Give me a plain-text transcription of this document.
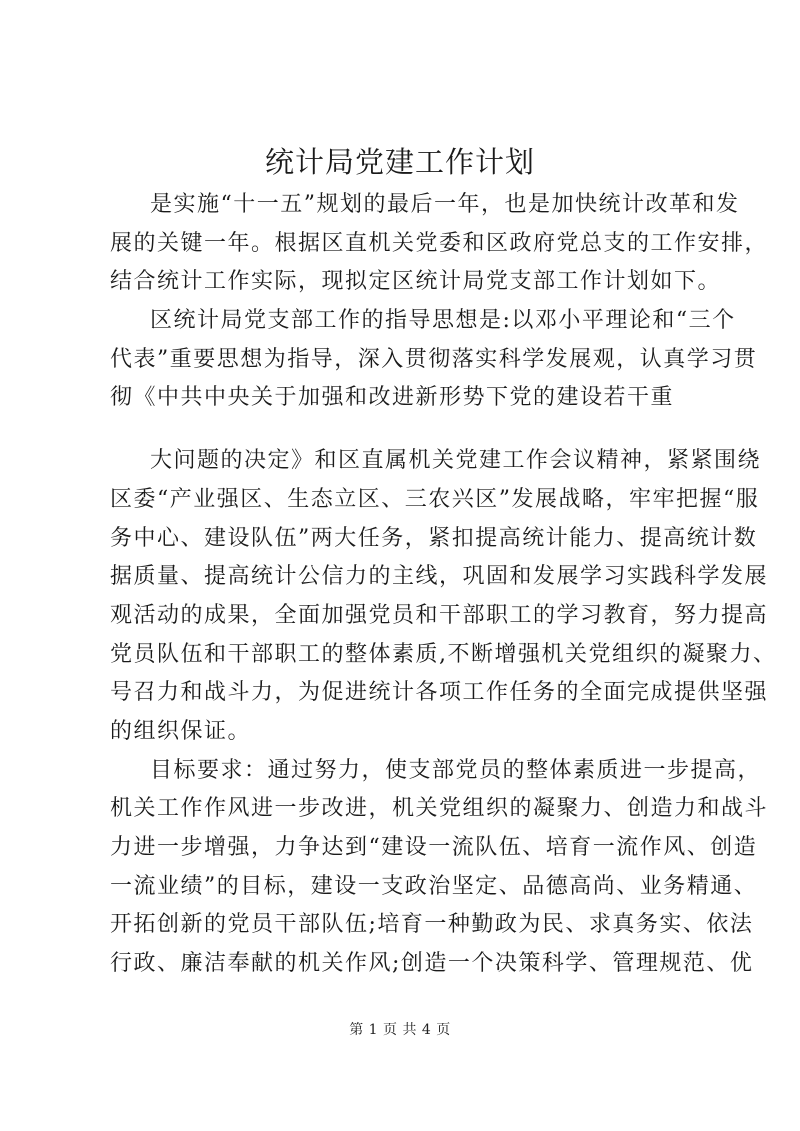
统计局党建工作计划
是实施“十一五”规划的最后一年，也是加快统计改革和发
展的关键一年。根据区直机关党委和区政府党总支的工作安排，
结合统计工作实际，现拟定区统计局党支部工作计划如下。
区统计局党支部工作的指导思想是:以邓小平理论和“三个
代表”重要思想为指导，深入贯彻落实科学发展观，认真学习贯
彻《中共中央关于加强和改进新形势下党的建设若干重
大问题的决定》和区直属机关党建工作会议精神，紧紧围绕
区委“产业强区、生态立区、三农兴区”发展战略，牢牢把握“服
务中心、建设队伍”两大任务，紧扣提高统计能力、提高统计数
据质量、提高统计公信力的主线，巩固和发展学习实践科学发展
观活动的成果，全面加强党员和干部职工的学习教育，努力提高
党员队伍和干部职工的整体素质,不断增强机关党组织的凝聚力、
号召力和战斗力，为促进统计各项工作任务的全面完成提供坚强
的组织保证。
目标要求：通过努力，使支部党员的整体素质进一步提高，
机关工作作风进一步改进，机关党组织的凝聚力、创造力和战斗
力进一步增强，力争达到“建设一流队伍、培育一流作风、创造
一流业绩”的目标，建设一支政治坚定、品德高尚、业务精通、
开拓创新的党员干部队伍;培育一种勤政为民、求真务实、依法
行政、廉洁奉献的机关作风;创造一个决策科学、管理规范、优
第 1 页 共 4 页
